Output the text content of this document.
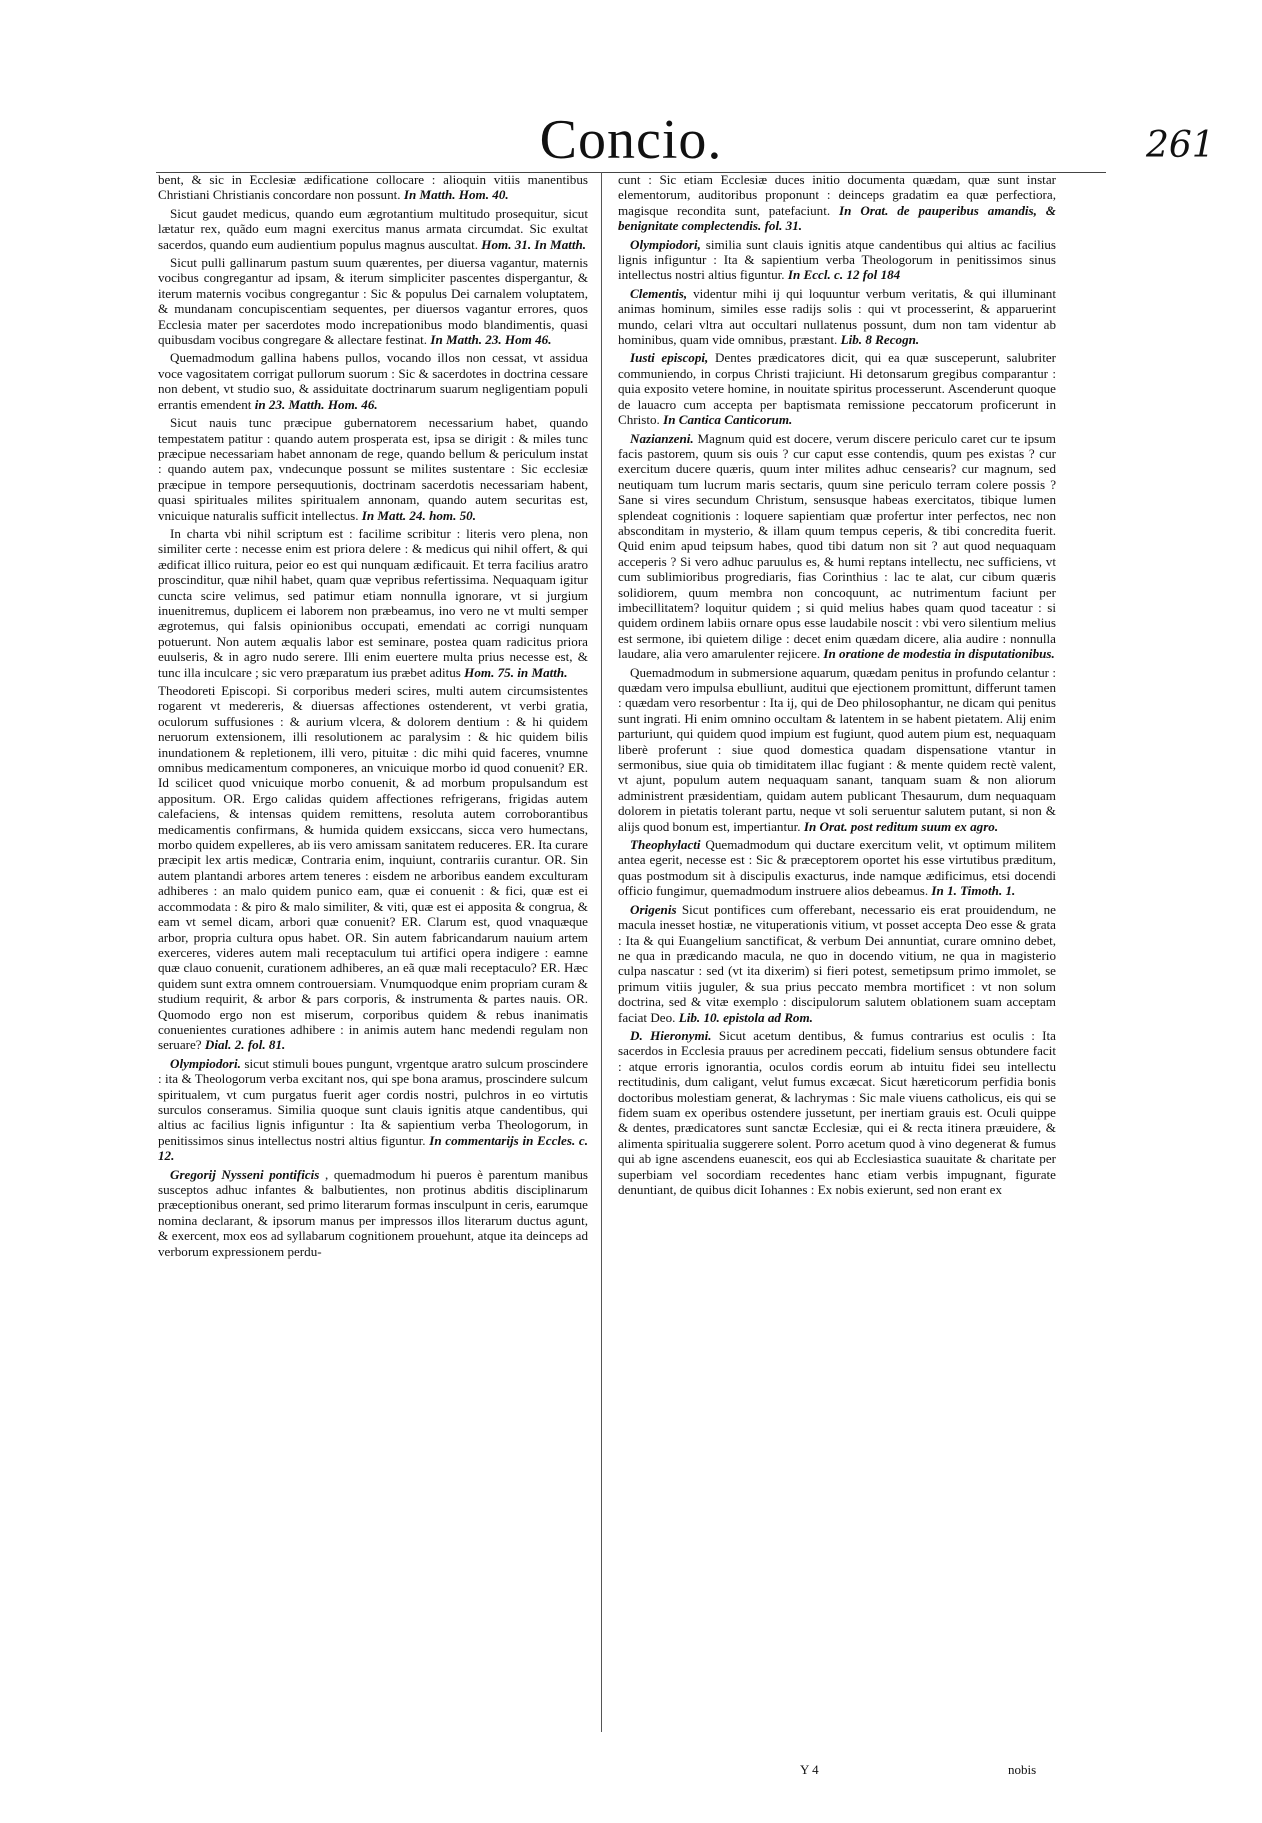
Concio.	261

bent, & sic in Ecclesiæ ædificatione collocare : alioquin vitiis manentibus Christiani Christianis concordare non possunt. In Matth. Hom. 40.

Sicut gaudet medicus, quando eum ægrotantium multitudo prosequitur, sicut lætatur rex, quãdo eum magni exercitus manus armata circumdat. Sic exultat sacerdos, quando eum audientium populus magnus auscultat. Hom. 31. In Matth.

Sicut pulli gallinarum pastum suum quærentes, per diuersa vagantur, maternis vocibus congregantur ad ipsam, & iterum simpliciter pascentes dispergantur, & iterum maternis vocibus congregantur : Sic & populus Dei carnalem voluptatem, & mundanam concupiscentiam sequentes, per diuersos vagantur errores, quos Ecclesia mater per sacerdotes modo increpationibus modo blandimentis, quasi quibusdam vocibus congregare & allectare festinat. In Matth. 23. Hom 46.

Quemadmodum gallina habens pullos, vocando illos non cessat, vt assidua voce vagositatem corrigat pullorum suorum : Sic & sacerdotes in doctrina cessare non debent, vt studio suo, & assiduitate doctrinarum suarum negligentiam populi errantis emendent in 23. Matth. Hom. 46.

Sicut nauis tunc præcipue gubernatorem necessarium habet, quando tempestatem patitur : quando autem prosperata est, ipsa se dirigit : & miles tunc præcipue necessariam habet annonam de rege, quando bellum & periculum instat : quando autem pax, vndecunque possunt se milites sustentare : Sic ecclesiæ præcipue in tempore persequutionis, doctrinam sacerdotis necessariam habent, quasi spirituales milites spiritualem annonam, quando autem securitas est, vnicuique naturalis sufficit intellectus. In Matt. 24. hom. 50.

In charta vbi nihil scriptum est : facilime scribitur : literis vero plena, non similiter certe : necesse enim est priora delere : & medicus qui nihil offert, & qui ædificat illico ruitura, peior eo est qui nunquam ædificauit. Et terra facilius aratro proscinditur, quæ nihil habet, quam quæ vepribus refertissima. Nequaquam igitur cuncta scire velimus, sed patimur etiam nonnulla ignorare, vt si jurgium inuenitremus, duplicem ei laborem non præbeamus, ino vero ne vt multi semper ægrotemus, qui falsis opinionibus occupati, emendati ac corrigi nunquam potuerunt. Non autem æqualis labor est seminare, postea quam radicitus priora euulseris, & in agro nudo serere. Illi enim euertere multa prius necesse est, & tunc illa inculcare ; sic vero præparatum ius præbet aditus Hom. 75. in Matth.

Theodoreti Episcopi. Si corporibus mederi scires, multi autem circumsistentes rogarent vt medereris, & diuersas affectiones ostenderent, vt verbi gratia, oculorum suffusiones : & aurium vlcera, & dolorem dentium : & hi quidem neruorum extensionem, illi resolutionem ac paralysim : & hic quidem bilis inundationem & repletionem, illi vero, pituitæ : dic mihi quid faceres, vnumne omnibus medicamentum componeres, an vnicuique morbo id quod conuenit? ER. Id scilicet quod vnicuique morbo conuenit, & ad morbum propulsandum est appositum. OR. Ergo calidas quidem affectiones refrigerans, frigidas autem calefaciens, & intensas quidem remittens, resoluta autem corroborantibus medicamentis confirmans, & humida quidem exsiccans, sicca vero humectans, morbo quidem expelleres, ab iis vero amissam sanitatem reduceres. ER. Ita curare præcipit lex artis medicæ, Contraria enim, inquiunt, contrariis curantur. OR. Sin autem plantandi arbores artem teneres : eisdem ne arboribus eandem exculturam adhiberes : an malo quidem punico eam, quæ ei conuenit : & fici, quæ est ei accommodata : & piro & malo similiter, & viti, quæ est ei apposita & congrua, & eam vt semel dicam, arbori quæ conuenit? ER. Clarum est, quod vnaquæque arbor, propria cultura opus habet. OR. Sin autem fabricandarum nauium artem exerceres, videres autem mali receptaculum tui artifici opera indigere : eamne quæ clauo conuenit, curationem adhiberes, an eã quæ mali receptaculo? ER. Hæc quidem sunt extra omnem controuersiam. Vnumquodque enim propriam curam & studium requirit, & arbor & pars corporis, & instrumenta & partes nauis. OR. Quomodo ergo non est miserum, corporibus quidem & rebus inanimatis conuenientes curationes adhibere : in animis autem hanc medendi regulam non seruare? Dial. 2. fol. 81.

Olympiodori. sicut stimuli boues pungunt, vrgentque aratro sulcum proscindere : ita & Theologorum verba excitant nos, qui spe bona aramus, proscindere sulcum spiritualem, vt cum purgatus fuerit ager cordis nostri, pulchros in eo virtutis surculos conseramus. Similia quoque sunt clauis ignitis atque candentibus, qui altius ac facilius lignis infiguntur : Ita & sapientium verba Theologorum, in penitissimos sinus intellectus nostri altius figuntur. In commentarijs in Eccles. c. 12.

Gregorij Nysseni pontificis , quemadmodum hi pueros è parentum manibus susceptos adhuc infantes & balbutientes, non protinus abditis disciplinarum præceptionibus onerant, sed primo literarum formas insculpunt in ceris, earumque nomina declarant, & ipsorum manus per impressos illos literarum ductus agunt, & exercent, mox eos ad syllabarum cognitionem prouehunt, atque ita deinceps ad verborum expressionem perdu-

cunt : Sic etiam Ecclesiæ duces initio documenta quædam, quæ sunt instar elementorum, auditoribus proponunt : deinceps gradatim ea quæ perfectiora, magisque recondita sunt, patefaciunt. In Orat. de pauperibus amandis, & benignitate complectendis. fol. 31.

Olympiodori, similia sunt clauis ignitis atque candentibus qui altius ac facilius lignis infiguntur : Ita & sapientium verba Theologorum in penitissimos sinus intellectus nostri altius figuntur. In Eccl. c. 12 fol 184

Clementis, videntur mihi ij qui loquuntur verbum veritatis, & qui illuminant animas hominum, similes esse radijs solis : qui vt processerint, & apparuerint mundo, celari vltra aut occultari nullatenus possunt, dum non tam videntur ab hominibus, quam vide omnibus, præstant. Lib. 8 Recogn.

Iusti episcopi, Dentes prædicatores dicit, qui ea quæ susceperunt, salubriter communiendo, in corpus Christi trajiciunt. Hi detonsarum gregibus comparantur : quia exposito vetere homine, in nouitate spiritus processerunt. Ascenderunt quoque de lauacro cum accepta per baptismata remissione peccatorum proficerunt in Christo. In Cantica Canticorum.

Nazianzeni. Magnum quid est docere, verum discere periculo caret cur te ipsum facis pastorem, quum sis ouis ? cur caput esse contendis, quum pes existas ? cur exercitum ducere quæris, quum inter milites adhuc censearis? cur magnum, sed neutiquam tum lucrum maris sectaris, quum sine periculo terram colere possis ? Sane si vires secundum Christum, sensusque habeas exercitatos, tibique lumen splendeat cognitionis : loquere sapientiam quæ profertur inter perfectos, nec non absconditam in mysterio, & illam quum tempus ceperis, & tibi concredita fuerit. Quid enim apud teipsum habes, quod tibi datum non sit ? aut quod nequaquam acceperis ? Si vero adhuc paruulus es, & humi reptans intellectu, nec sufficiens, vt cum sublimioribus progrediaris, fias Corinthius : lac te alat, cur cibum quæris solidiorem, quum membra non concoquunt, ac nutrimentum faciunt per imbecillitatem? loquitur quidem ; si quid melius habes quam quod taceatur : si quidem ordinem labiis ornare opus esse laudabile noscit : vbi vero silentium melius est sermone, ibi quietem dilige : decet enim quædam dicere, alia audire : nonnulla laudare, alia vero amarulenter rejicere. In oratione de modestia in disputationibus.

Quemadmodum in submersione aquarum, quædam penitus in profundo celantur : quædam vero impulsa ebulliunt, auditui que ejectionem promittunt, differunt tamen : quædam vero resorbentur : Ita ij, qui de Deo philosophantur, ne dicam qui penitus sunt ingrati. Hi enim omnino occultam & latentem in se habent pietatem. Alij enim parturiunt, qui quidem quod impium est fugiunt, quod autem pium est, nequaquam liberè proferunt : siue quod domestica quadam dispensatione vtantur in sermonibus, siue quia ob timiditatem illac fugiant : & mente quidem rectè valent, vt ajunt, populum autem nequaquam sanant, tanquam suam & non aliorum administrent præsidentiam, quidam autem publicant Thesaurum, dum nequaquam dolorem in pietatis tolerant partu, neque vt soli seruentur salutem putant, si non & alijs quod bonum est, impertiantur. In Orat. post reditum suum ex agro.

Theophylacti Quemadmodum qui ductare exercitum velit, vt optimum militem antea egerit, necesse est : Sic & præceptorem oportet his esse virtutibus præditum, quas postmodum sit à discipulis exacturus, inde namque ædificimus, etsi docendi officio fungimur, quemadmodum instruere alios debeamus. In 1. Timoth. 1.

Origenis Sicut pontifices cum offerebant, necessario eis erat prouidendum, ne macula inesset hostiæ, ne vituperationis vitium, vt posset accepta Deo esse & grata : Ita & qui Euangelium sanctificat, & verbum Dei annuntiat, curare omnino debet, ne qua in prædicando macula, ne quo in docendo vitium, ne qua in magisterio culpa nascatur : sed (vt ita dixerim) si fieri potest, semetipsum primo immolet, se primum vitiis juguler, & sua prius peccato membra mortificet : vt non solum doctrina, sed & vitæ exemplo : discipulorum salutem oblationem suam acceptam faciat Deo. Lib. 10. epistola ad Rom.

D. Hieronymi. Sicut acetum dentibus, & fumus contrarius est oculis : Ita sacerdos in Ecclesia prauus per acredinem peccati, fidelium sensus obtundere facit : atque erroris ignorantia, oculos cordis eorum ab intuitu fidei seu intellectu rectitudinis, dum caligant, velut fumus excæcat. Sicut hæreticorum perfidia bonis doctoribus molestiam generat, & lachrymas : Sic male viuens catholicus, eis qui se fidem suam ex operibus ostendere jussetunt, per inertiam grauis est. Oculi quippe & dentes, prædicatores sunt sanctæ Ecclesiæ, qui ei & recta itinera præuidere, & alimenta spiritualia suggerere solent. Porro acetum quod à vino degenerat & fumus qui ab igne ascendens euanescit, eos qui ab Ecclesiastica suauitate & charitate per superbiam vel socordiam recedentes hanc etiam verbis impugnant, figurate denuntiant, de quibus dicit Iohannes : Ex nobis exierunt, sed non erant ex

Y 4	nobis
